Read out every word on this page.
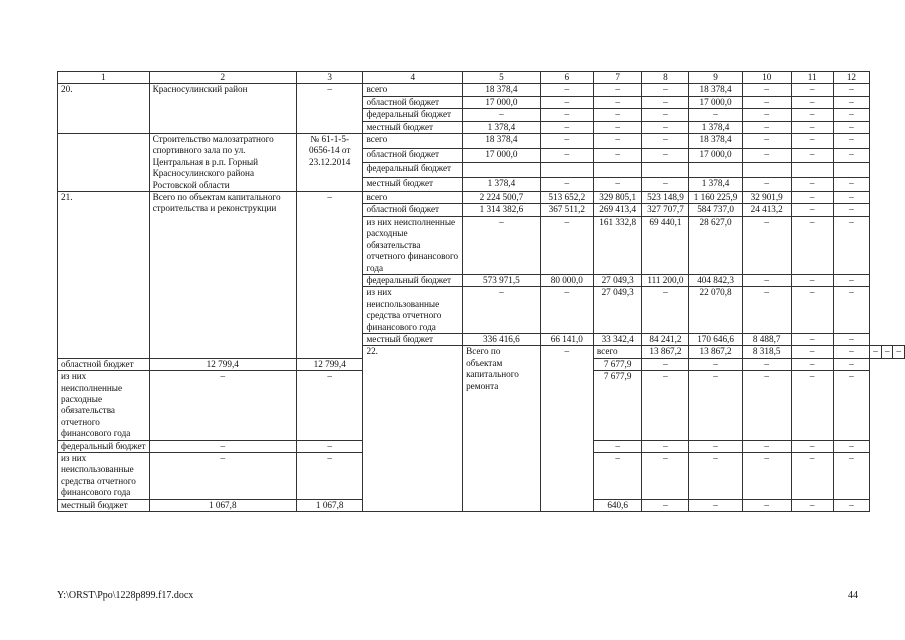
1	2	3	4	5	6	7	8	9	10	11	12			
20.	Красносулинский район	–	всего	18 378,4	–	–	–	18 378,4	–	–	–			
			областной бюджет	17 000,0	–	–	–	17 000,0	–	–	–			
			федеральный бюджет	–	–	–	–	–	–	–	–			
			местный бюджет	1 378,4	–	–	–	1 378,4	–	–	–			
	Строительство малозатратного спортивного зала по ул. Центральная в р.п. Горный Красносулинского района Ростовской области	№ 61-1-5-0656-14 от 23.12.2014	всего	18 378,4	–	–	–	18 378,4	–	–	–			
			областной бюджет	17 000,0	–	–	–	17 000,0	–	–	–			
			федеральный бюджет											
			местный бюджет	1 378,4	–	–	–	1 378,4	–	–	–			
21.	Всего по объектам капитального строительства и реконструкции	–	всего	2 224 500,7	513 652,2	329 805,1	523 148,9	1 160 225,9	32 901,9	–	–			
			областной бюджет	1 314 382,6	367 511,2	269 413,4	327 707,7	584 737,0	24 413,2	–	–			
			из них неисполненные расходные обязательства отчетного финансового года	–	–	161 332,8	69 440,1	28 627,0	–	–	–			
			федеральный бюджет	573 971,5	80 000,0	27 049,3	111 200,0	404 842,3	–	–	–			
			из них неиспользованные средства отчетного финансового года	–	–	27 049,3	–	22 070,8	–	–	–			
			местный бюджет	336 416,6	66 141,0	33 342,4	84 241,2	170 646,6	8 488,7	–	–			
			22.	Всего по объектам капитального ремонта	–	всего	13 867,2	13 867,2	8 318,5	–	–	–	–	–
областной бюджет	12 799,4	12 799,4				7 677,9	–	–	–	–	–			
из них неисполненные расходные обязательства отчетного финансового года	–	–				7 677,9	–	–	–	–	–			
федеральный бюджет	–	–				–	–	–	–	–	–			
из них неиспользованные средства отчетного финансового года	–	–				–	–	–	–	–	–			
местный бюджет	1 067,8	1 067,8				640,6	–	–	–	–	–			
Y:\ORST\Ppo\1228p899.f17.docx	44
